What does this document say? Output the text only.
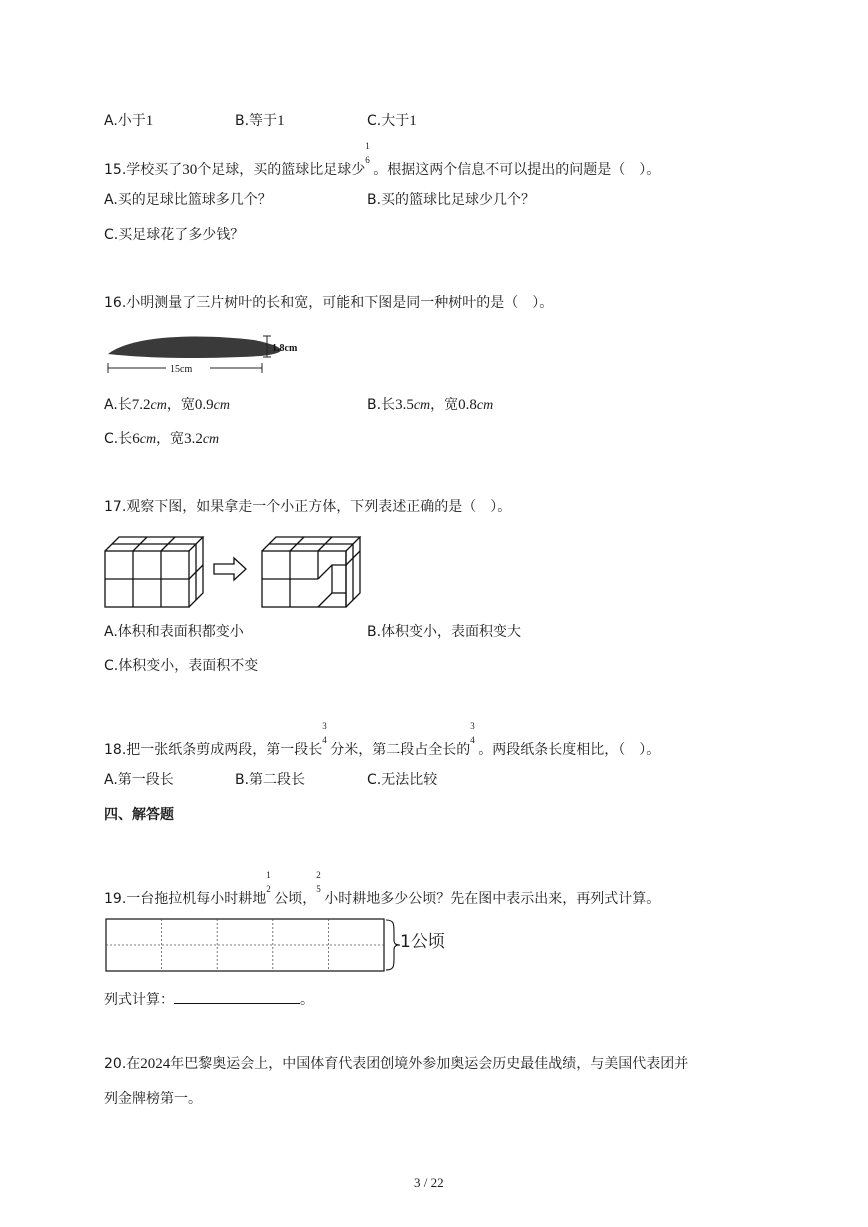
A.小于1	B.等于1	C.大于1
15.学校买了30个足球，买的篮球比足球少
1
6
。根据这两个信息不可以提出的问题是（　）。
A.买的足球比篮球多几个？	B.买的篮球比足球少几个？
C.买足球花了多少钱？
16.小明测量了三片树叶的长和宽，可能和下图是同一种树叶的是（　）。
15cm
1.8cm
A.长7.2cm，宽0.9cm	B.长3.5cm，宽0.8cm
C.长6cm，宽3.2cm
17.观察下图，如果拿走一个小正方体，下列表述正确的是（　）。
A.体积和表面积都变小	B.体积变小，表面积变大
C.体积变小，表面积不变
18.把一张纸条剪成两段，第一段长
3
4
分米，第二段占全长的
3
4
。两段纸条长度相比，（　）。
A.第一段长	B.第二段长	C.无法比较
四、解答题
19.一台拖拉机每小时耕地
1
2
公顷，
2
5
小时耕地多少公顷？先在图中表示出来，再列式计算。
1公顷
列式计算：	。
20.在2024年巴黎奥运会上，中国体育代表团创境外参加奥运会历史最佳战绩，与美国代表团并
列金牌榜第一。
3 / 22
